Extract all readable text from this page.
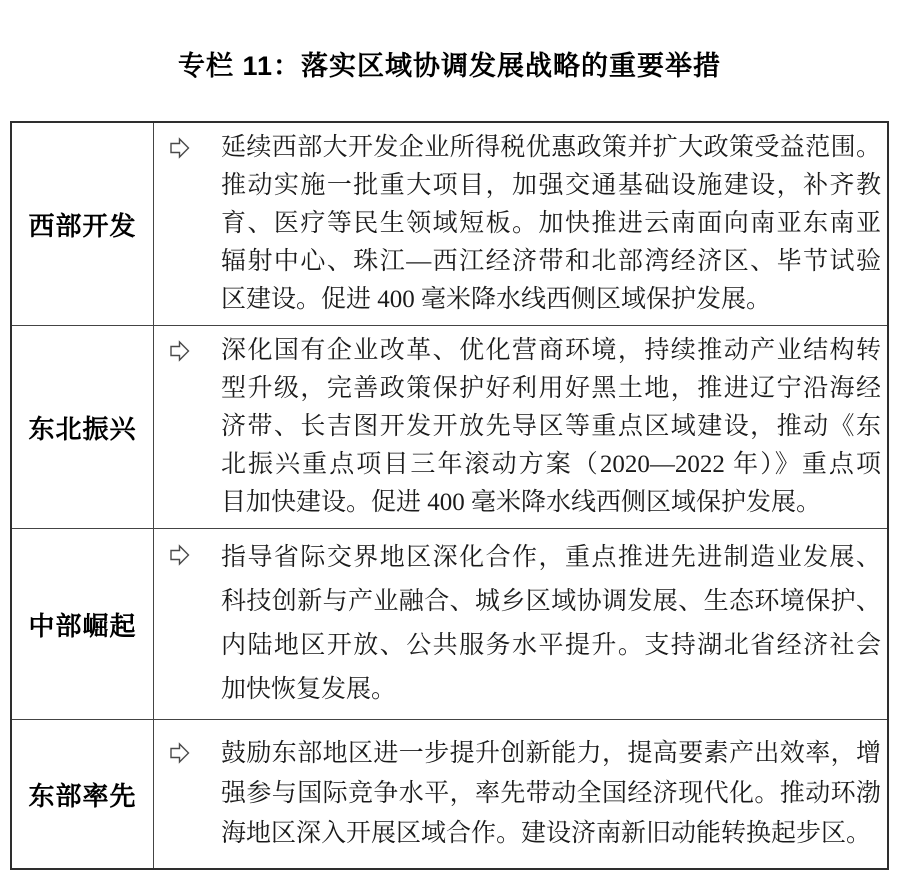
专栏 11：落实区域协调发展战略的重要举措
西部开发
延续西部大开发企业所得税优惠政策并扩大政策受益范围。
推动实施一批重大项目，加强交通基础设施建设，补齐教
育、医疗等民生领域短板。加快推进云南面向南亚东南亚
辐射中心、珠江—西江经济带和北部湾经济区、毕节试验
区建设。促进 400 毫米降水线西侧区域保护发展。
东北振兴
深化国有企业改革、优化营商环境，持续推动产业结构转
型升级，完善政策保护好利用好黑土地，推进辽宁沿海经
济带、长吉图开发开放先导区等重点区域建设，推动《东
北振兴重点项目三年滚动方案（2020—2022 年）》重点项
目加快建设。促进 400 毫米降水线西侧区域保护发展。
中部崛起
指导省际交界地区深化合作，重点推进先进制造业发展、
科技创新与产业融合、城乡区域协调发展、生态环境保护、
内陆地区开放、公共服务水平提升。支持湖北省经济社会
加快恢复发展。
东部率先
鼓励东部地区进一步提升创新能力，提高要素产出效率，增
强参与国际竞争水平，率先带动全国经济现代化。推动环渤
海地区深入开展区域合作。建设济南新旧动能转换起步区。
